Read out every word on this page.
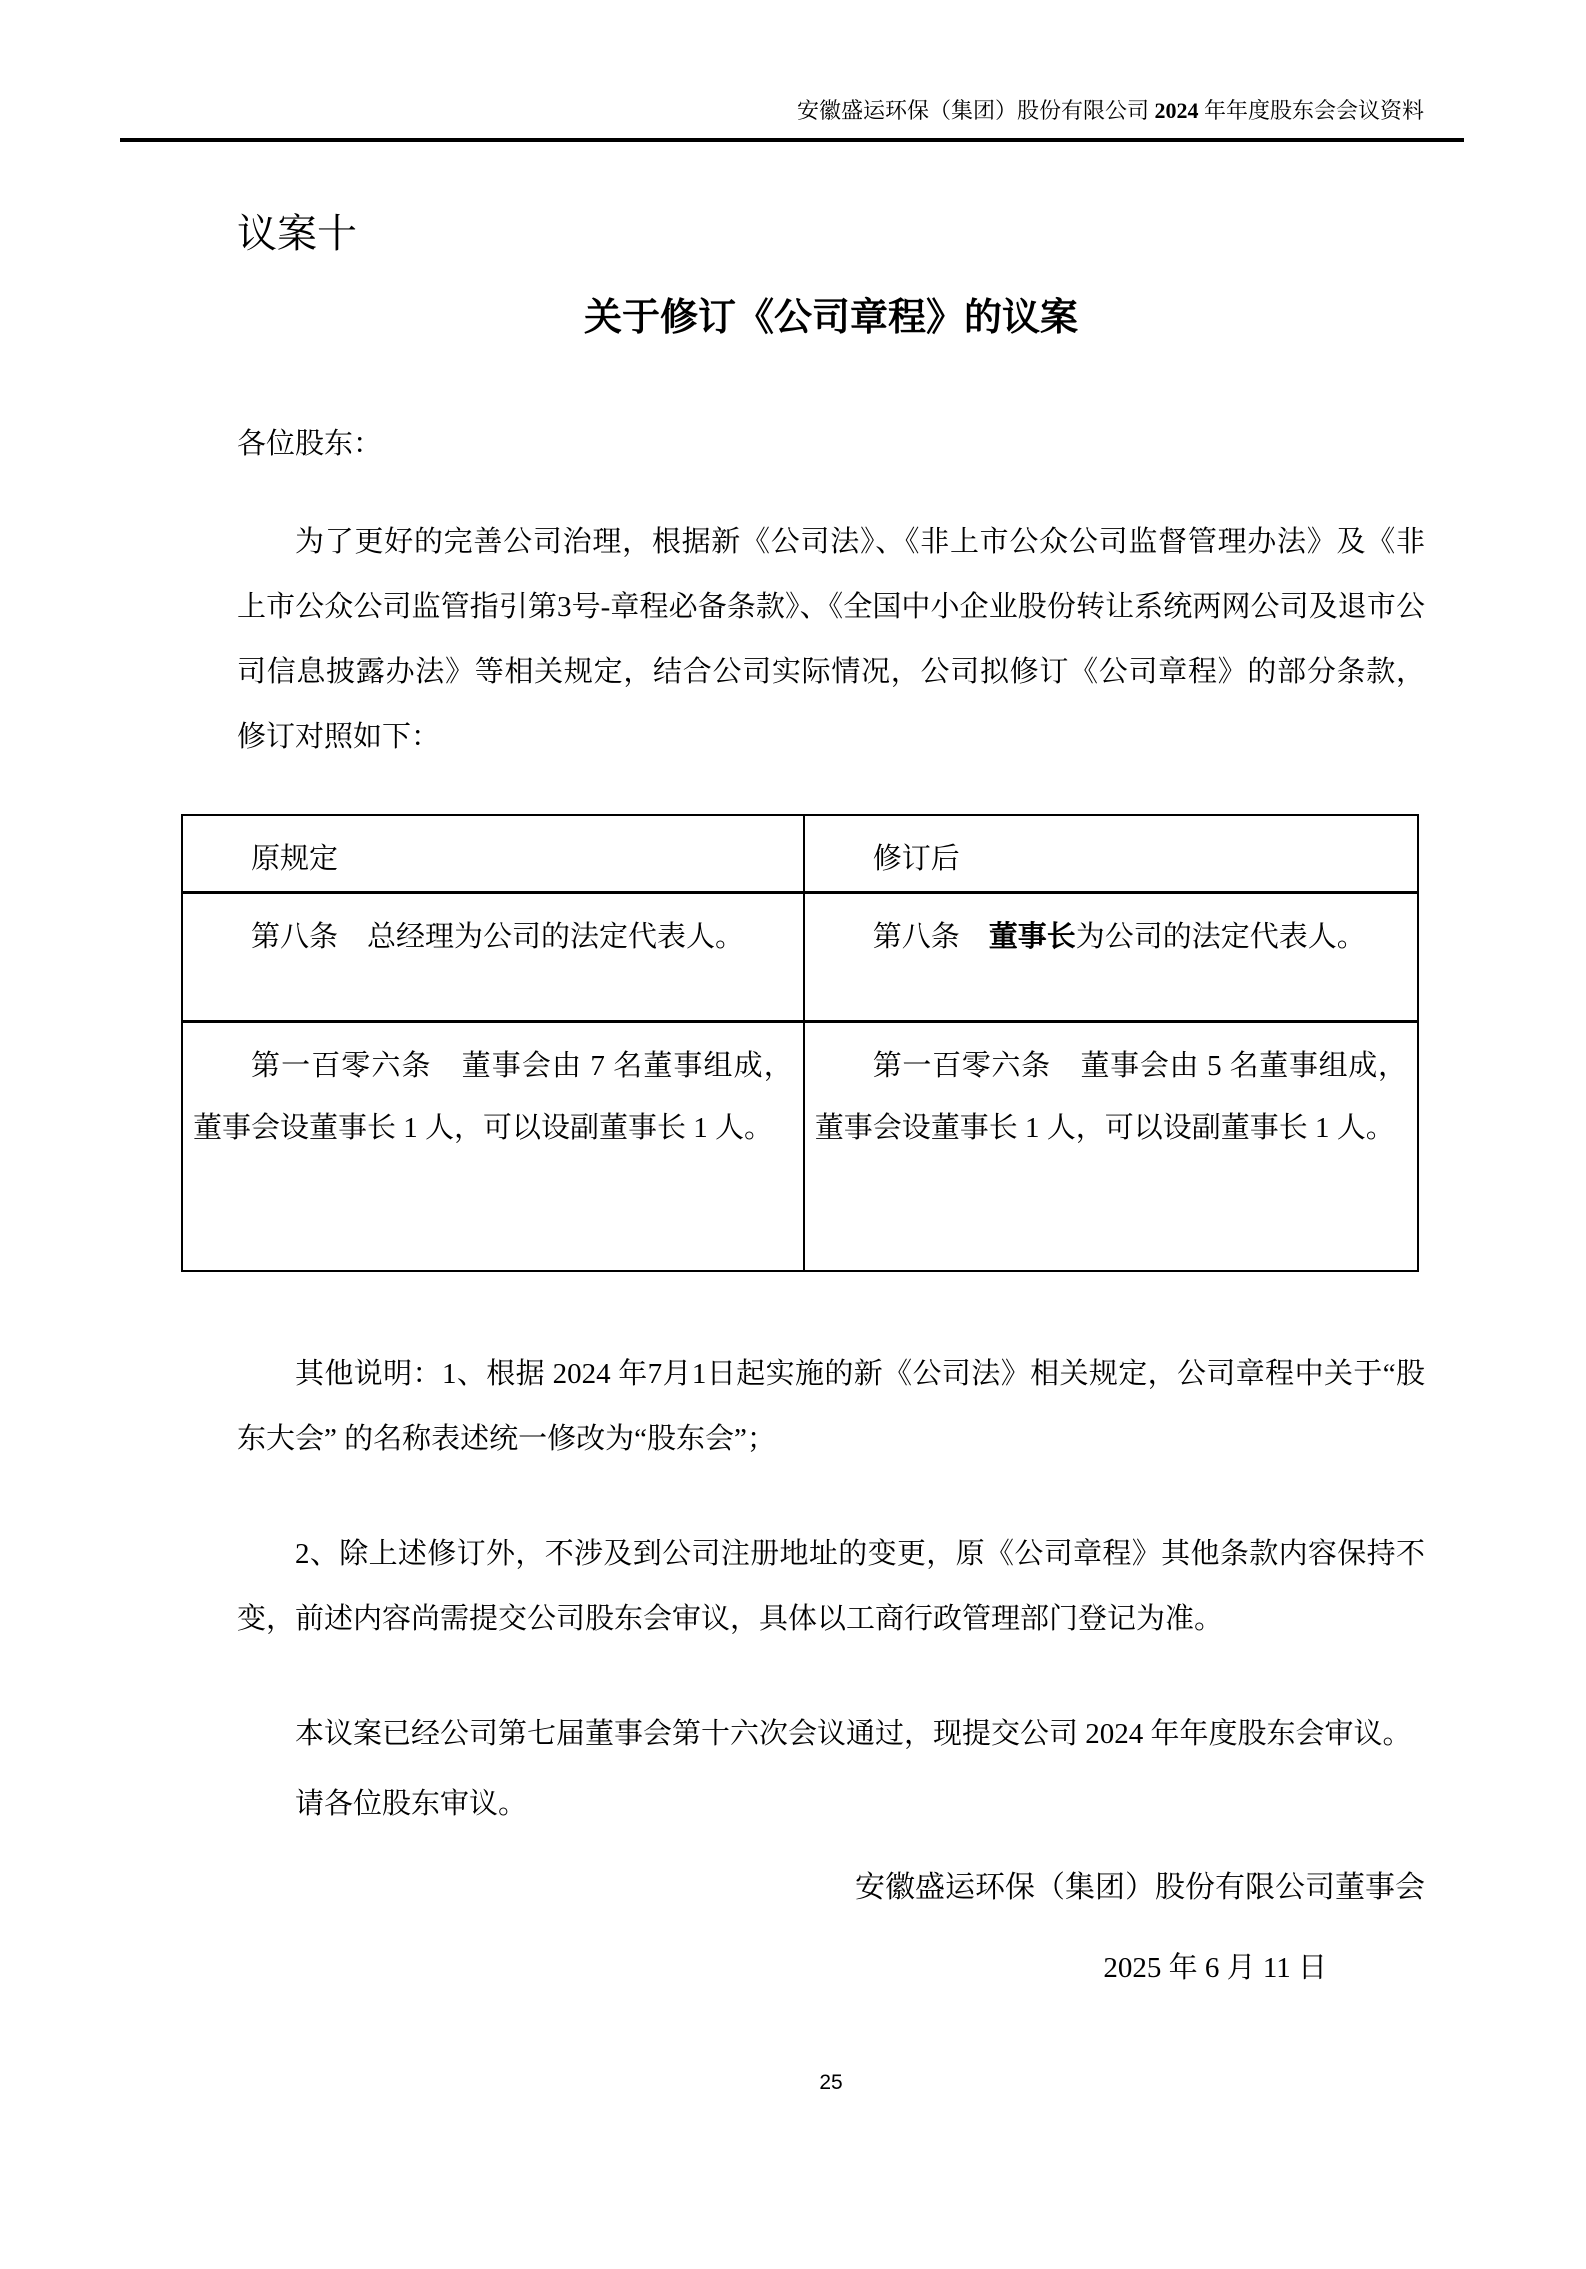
安徽盛运环保（集团）股份有限公司 2024 年年度股东会会议资料
议案十
关于修订《公司章程》的议案
各位股东：

为了更好的完善公司治理，根据新《公司法》、《非上市公众公司监督管理办法》及《非上市公众公司监管指引第3号-章程必备条款》、《全国中小企业股份转让系统两网公司及退市公司信息披露办法》等相关规定，结合公司实际情况，公司拟修订《公司章程》的部分条款，修订对照如下：

原规定	修订后

第八条　总经理为公司的法定代表人。	第八条　董事长为公司的法定代表人。

第一百零六条　董事会由 7 名董事组成，董事会设董事长 1 人，可以设副董事长 1 人。	第一百零六条　董事会由 5 名董事组成，董事会设董事长 1 人，可以设副董事长 1 人。

其他说明：1、根据 2024 年7月1日起实施的新《公司法》相关规定，公司章程中关于“股东大会” 的名称表述统一修改为“股东会”；

2、除上述修订外，不涉及到公司注册地址的变更，原《公司章程》其他条款内容保持不变，前述内容尚需提交公司股东会审议，具体以工商行政管理部门登记为准。

本议案已经公司第七届董事会第十六次会议通过，现提交公司 2024 年年度股东会审议。

请各位股东审议。

安徽盛运环保（集团）股份有限公司董事会
2025 年 6 月 11 日
25
